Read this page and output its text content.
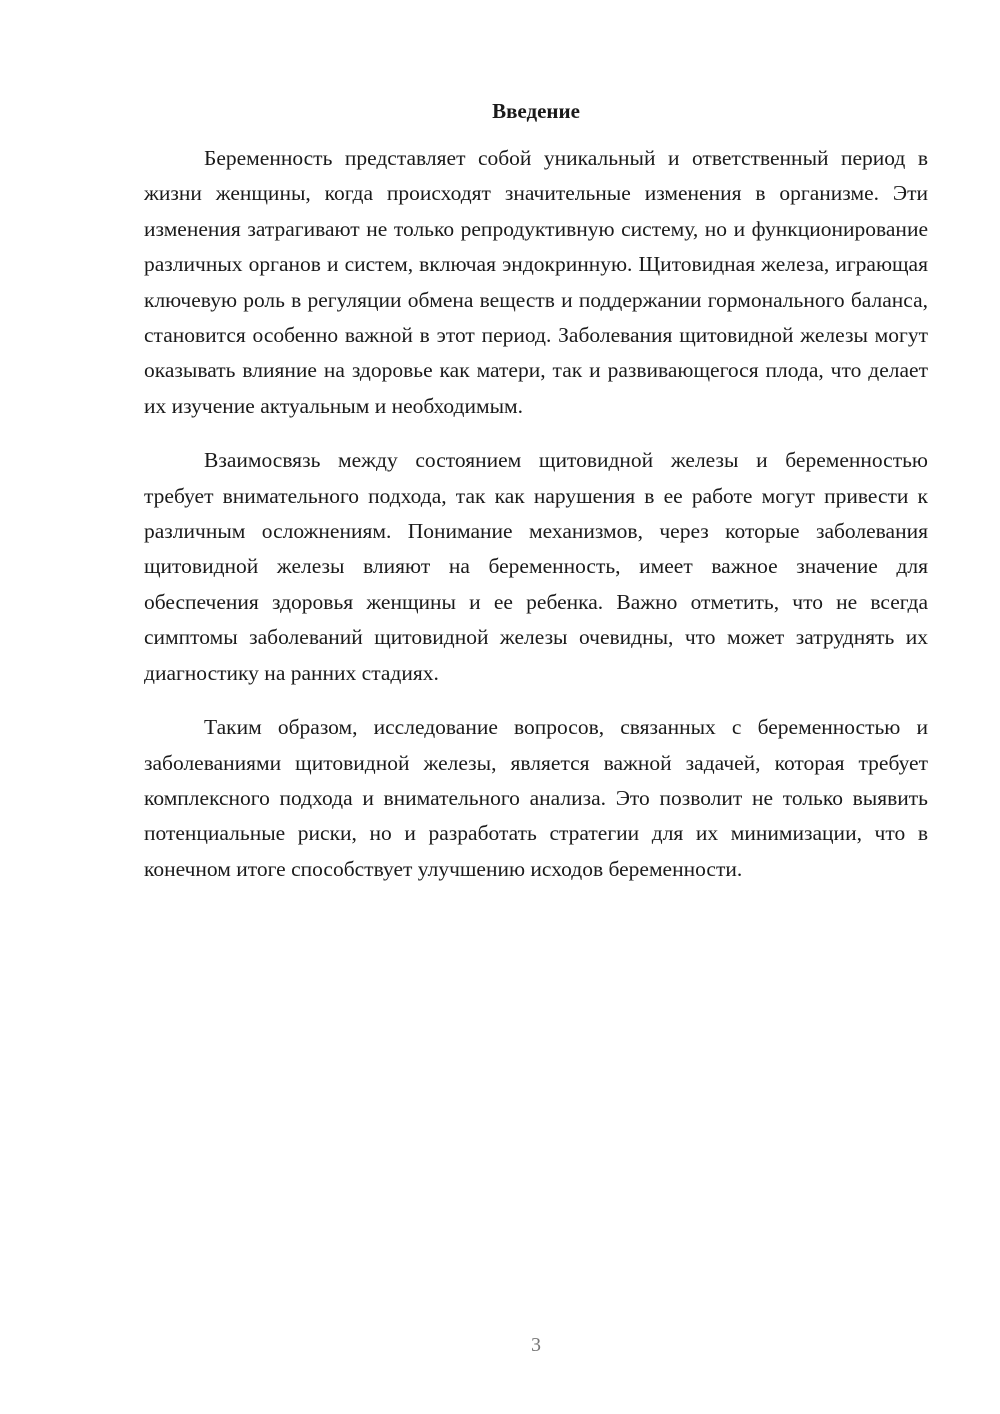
Введение

Беременность представляет собой уникальный и ответственный период в жизни женщины, когда происходят значительные изменения в организме. Эти изменения затрагивают не только репродуктивную систему, но и функционирование различных органов и систем, включая эндокринную. Щитовидная железа, играющая ключевую роль в регуляции обмена веществ и поддержании гормонального баланса, становится особенно важной в этот период. Заболевания щитовидной железы могут оказывать влияние на здоровье как матери, так и развивающегося плода, что делает их изучение актуальным и необходимым.

Взаимосвязь между состоянием щитовидной железы и беременностью требует внимательного подхода, так как нарушения в ее работе могут привести к различным осложнениям. Понимание механизмов, через которые заболевания щитовидной железы влияют на беременность, имеет важное значение для обеспечения здоровья женщины и ее ребенка. Важно отметить, что не всегда симптомы заболеваний щитовидной железы очевидны, что может затруднять их диагностику на ранних стадиях.

Таким образом, исследование вопросов, связанных с беременностью и заболеваниями щитовидной железы, является важной задачей, которая требует комплексного подхода и внимательного анализа. Это позволит не только выявить потенциальные риски, но и разработать стратегии для их минимизации, что в конечном итоге способствует улучшению исходов беременности.

3
